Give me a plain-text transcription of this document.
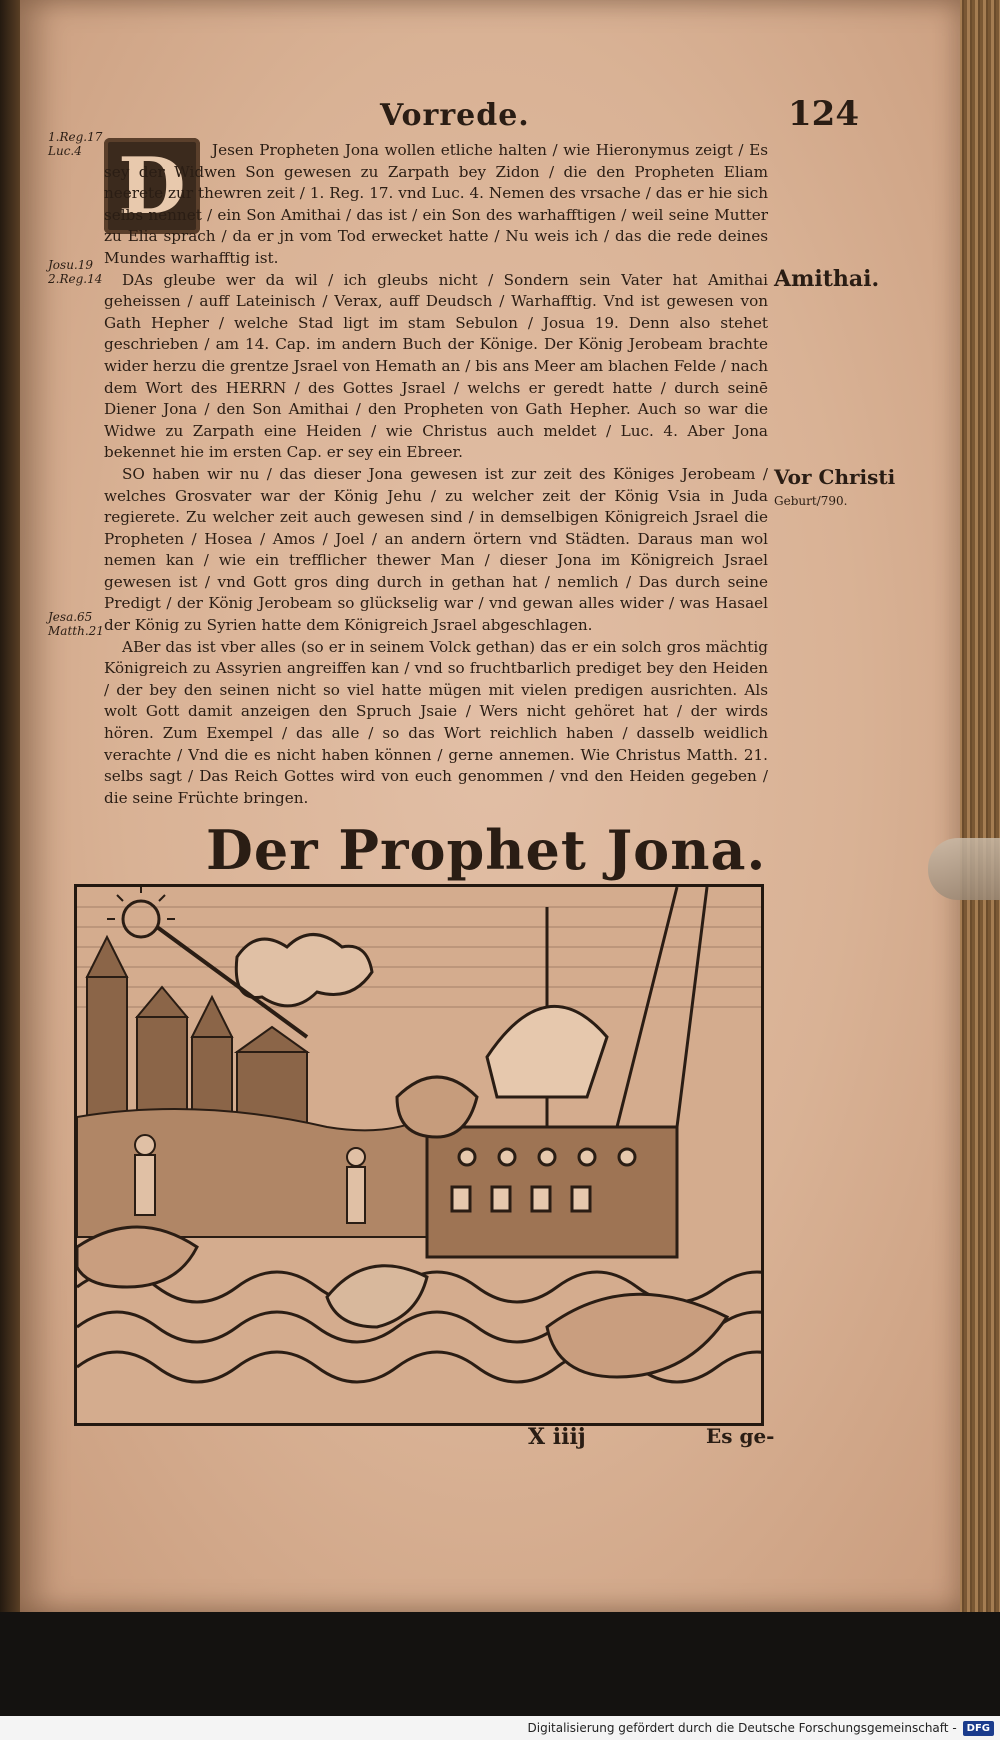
Vorrede.	124
1.Reg.17
Luc.4
Josu.19
2.Reg.14
Jesa.65
Matth.21
Amithai.
Vor Christi
Geburt/790.
D	Jesen Propheten Jona wollen etliche halten / wie Hieronymus zeigt / Es sey der Widwen Son gewesen zu Zarpath bey Zidon / die den Propheten Eliam neerete zur thewren zeit / 1. Reg. 17. vnd Luc. 4. Nemen des vrsache / das er hie sich selbs nennet / ein Son Amithai / das ist / ein Son des warhafftigen / weil seine Mutter zu Elia sprach / da er jn vom Tod erwecket hatte / Nu weis ich / das die rede deines Mundes warhafftig ist.

DAs gleube wer da wil / ich gleubs nicht / Sondern sein Vater hat Amithai geheissen / auff Lateinisch / Verax, auff Deudsch / Warhafftig. Vnd ist gewesen von Gath Hepher / welche Stad ligt im stam Sebulon / Josua 19. Denn also stehet geschrieben / am 14. Cap. im andern Buch der Könige. Der König Jerobeam brachte wider herzu die grentze Jsrael von Hemath an / bis ans Meer am blachen Felde / nach dem Wort des HERRN / des Gottes Jsrael / welchs er geredt hatte / durch seinē Diener Jona / den Son Amithai / den Propheten von Gath Hepher. Auch so war die Widwe zu Zarpath eine Heiden / wie Christus auch meldet / Luc. 4. Aber Jona bekennet hie im ersten Cap. er sey ein Ebreer.

SO haben wir nu / das dieser Jona gewesen ist zur zeit des Königes Jerobeam / welches Grosvater war der König Jehu / zu welcher zeit der König Vsia in Juda regierete. Zu welcher zeit auch gewesen sind / in demselbigen Königreich Jsrael die Propheten / Hosea / Amos / Joel / an andern örtern vnd Städten. Daraus man wol nemen kan / wie ein trefflicher thewer Man / dieser Jona im Königreich Jsrael gewesen ist / vnd Gott gros ding durch in gethan hat / nemlich / Das durch seine Predigt / der König Jerobeam so glückselig war / vnd gewan alles wider / was Hasael der König zu Syrien hatte dem Königreich Jsrael abgeschlagen.

ABer das ist vber alles (so er in seinem Volck gethan) das er ein solch gros mächtig Königreich zu Assyrien angreiffen kan / vnd so fruchtbarlich prediget bey den Heiden / der bey den seinen nicht so viel hatte mügen mit vielen predigen ausrichten. Als wolt Gott damit anzeigen den Spruch Jsaie / Wers nicht gehöret hat / der wirds hören. Zum Exempel / das alle / so das Wort reichlich haben / dasselb weidlich verachte / Vnd die es nicht haben können / gerne annemen. Wie Christus Matth. 21. selbs sagt / Das Reich Gottes wird von euch genommen / vnd den Heiden gegeben / die seine Früchte bringen.

Der Prophet Jona.
X iiij	Es ge-
Digitalisierung gefördert durch die Deutsche Forschungsgemeinschaft -	DFG
